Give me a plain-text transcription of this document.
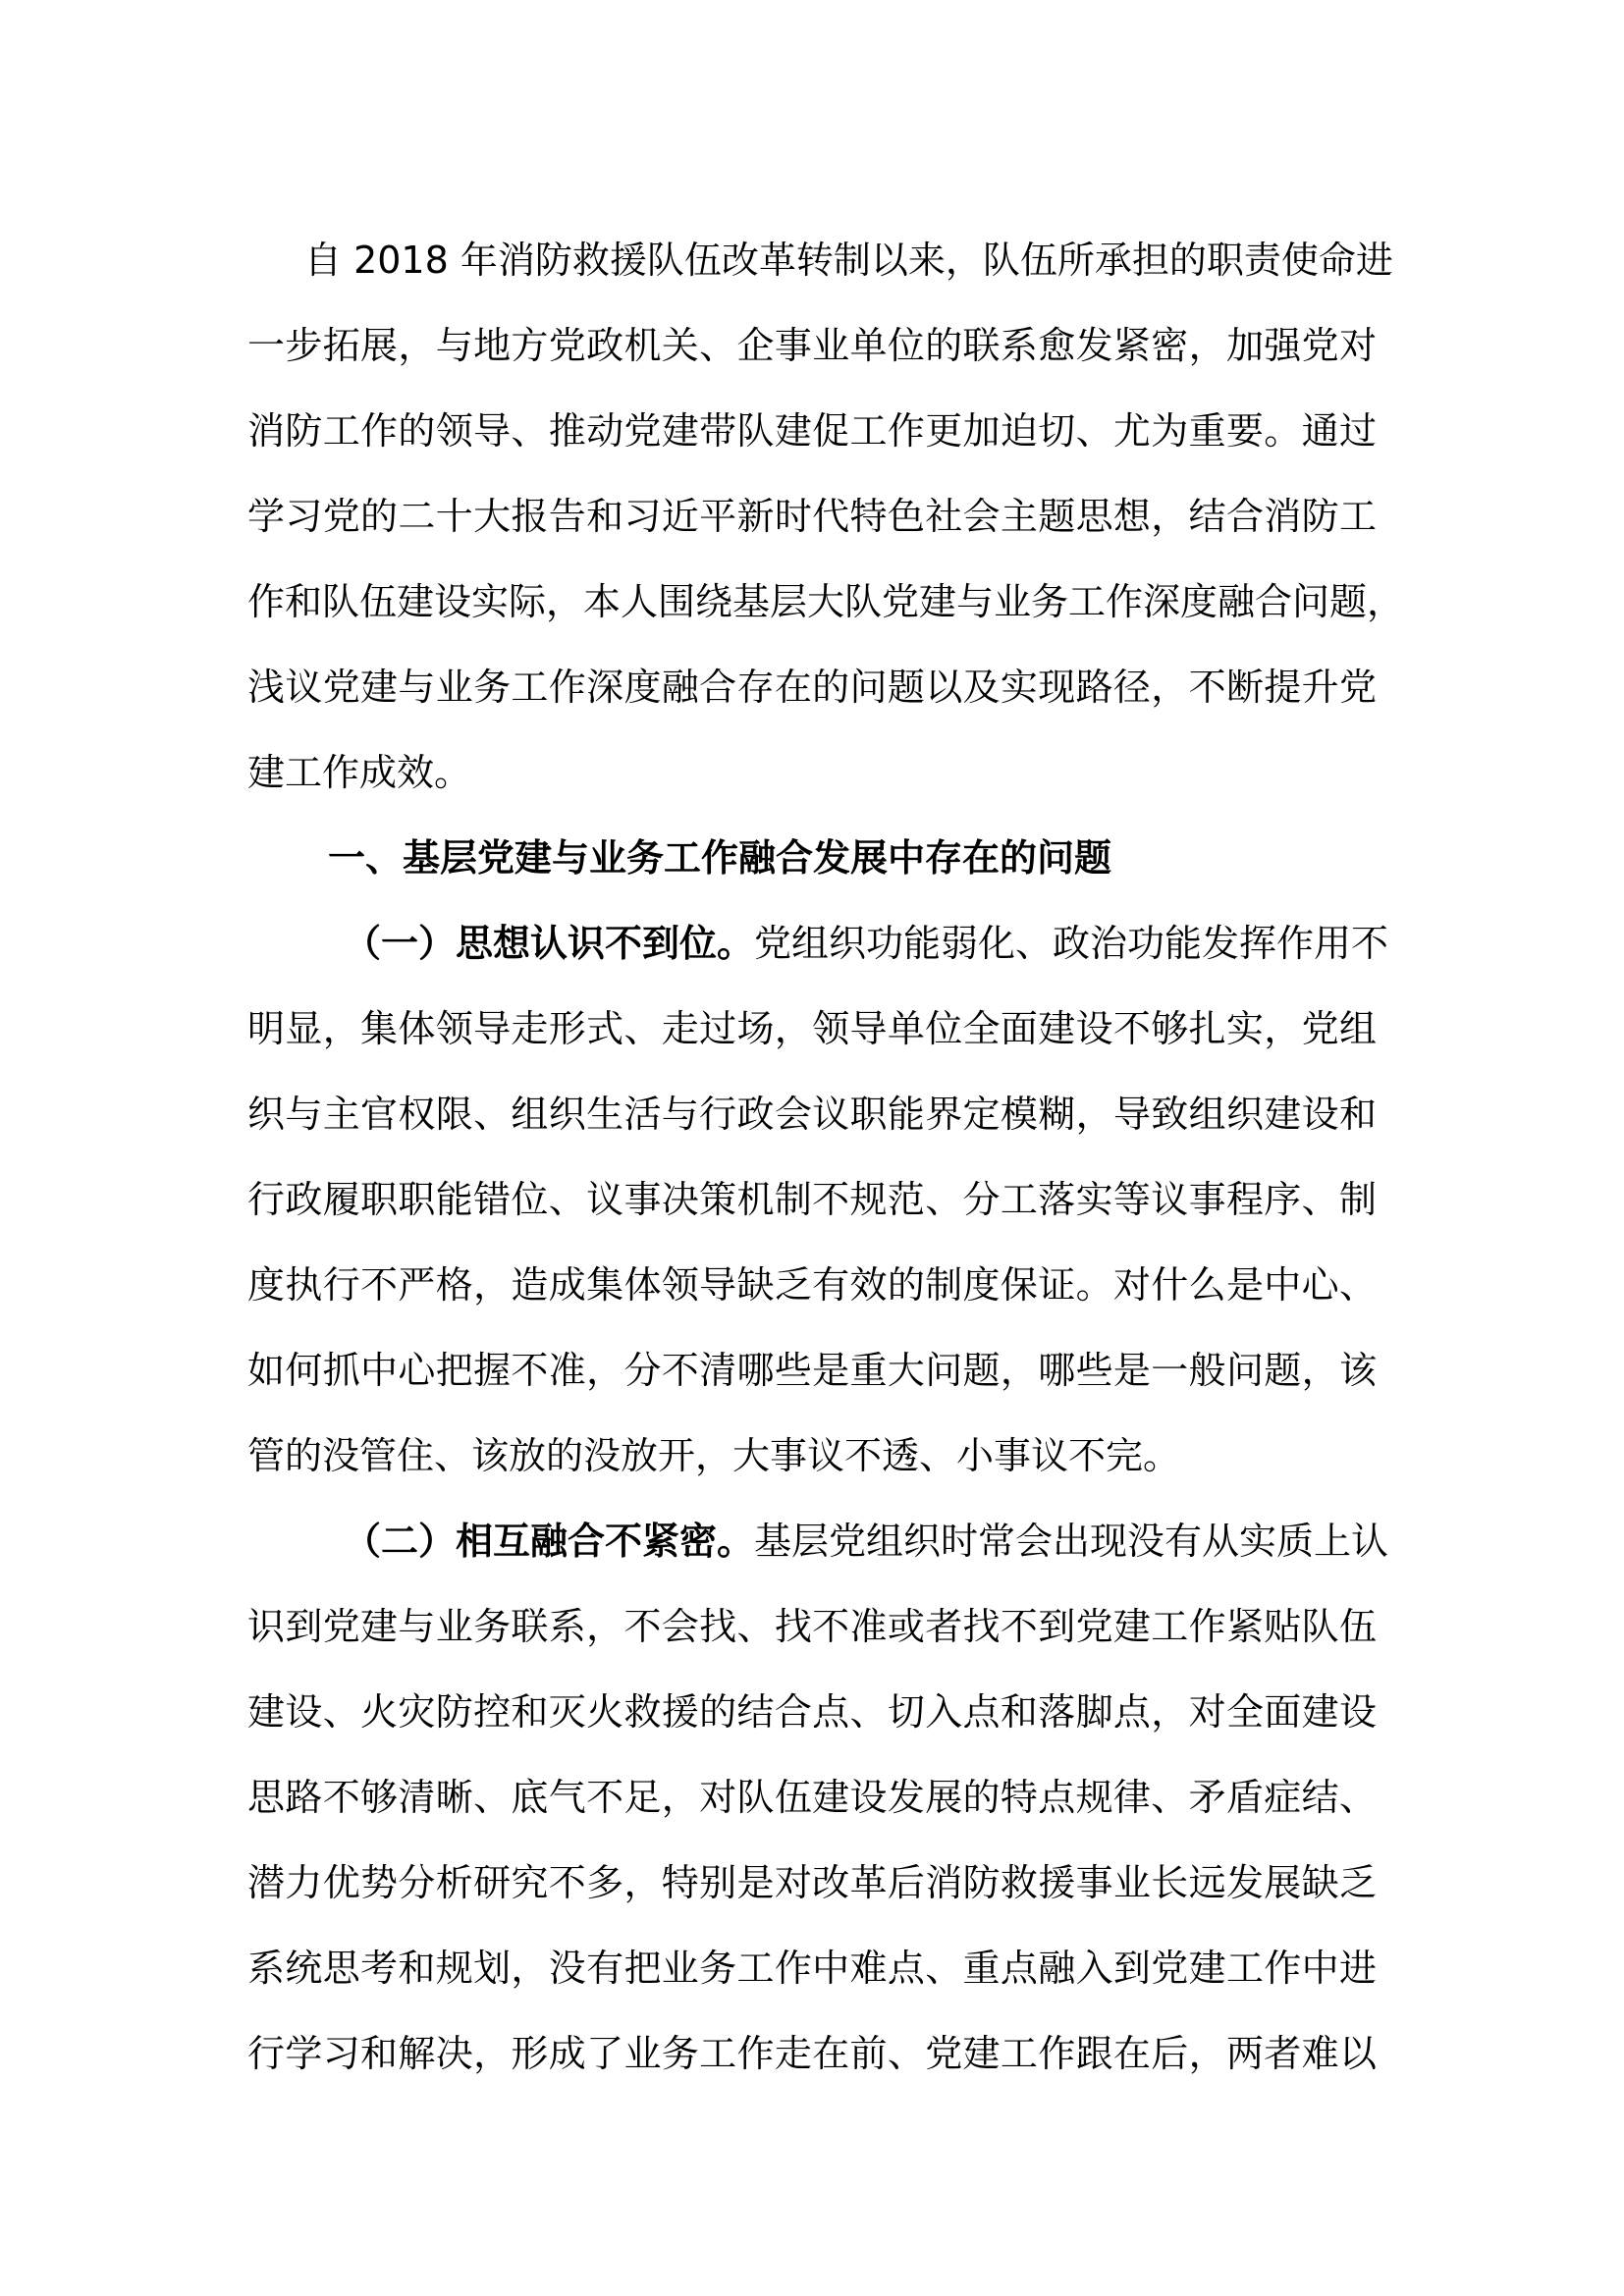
自 2018 年消防救援队伍改革转制以来，队伍所承担的职责使命进
一步拓展，与地方党政机关、企事业单位的联系愈发紧密，加强党对
消防工作的领导、推动党建带队建促工作更加迫切、尤为重要。通过
学习党的二十大报告和习近平新时代特色社会主题思想，结合消防工
作和队伍建设实际，本人围绕基层大队党建与业务工作深度融合问题，
浅议党建与业务工作深度融合存在的问题以及实现路径，不断提升党
建工作成效。
一、基层党建与业务工作融合发展中存在的问题
（一）思想认识不到位。党组织功能弱化、政治功能发挥作用不
明显，集体领导走形式、走过场，领导单位全面建设不够扎实，党组
织与主官权限、组织生活与行政会议职能界定模糊，导致组织建设和
行政履职职能错位、议事决策机制不规范、分工落实等议事程序、制
度执行不严格，造成集体领导缺乏有效的制度保证。对什么是中心、
如何抓中心把握不准，分不清哪些是重大问题，哪些是一般问题，该
管的没管住、该放的没放开，大事议不透、小事议不完。
（二）相互融合不紧密。基层党组织时常会出现没有从实质上认
识到党建与业务联系，不会找、找不准或者找不到党建工作紧贴队伍
建设、火灾防控和灭火救援的结合点、切入点和落脚点，对全面建设
思路不够清晰、底气不足，对队伍建设发展的特点规律、矛盾症结、
潜力优势分析研究不多，特别是对改革后消防救援事业长远发展缺乏
系统思考和规划，没有把业务工作中难点、重点融入到党建工作中进
行学习和解决，形成了业务工作走在前、党建工作跟在后，两者难以
